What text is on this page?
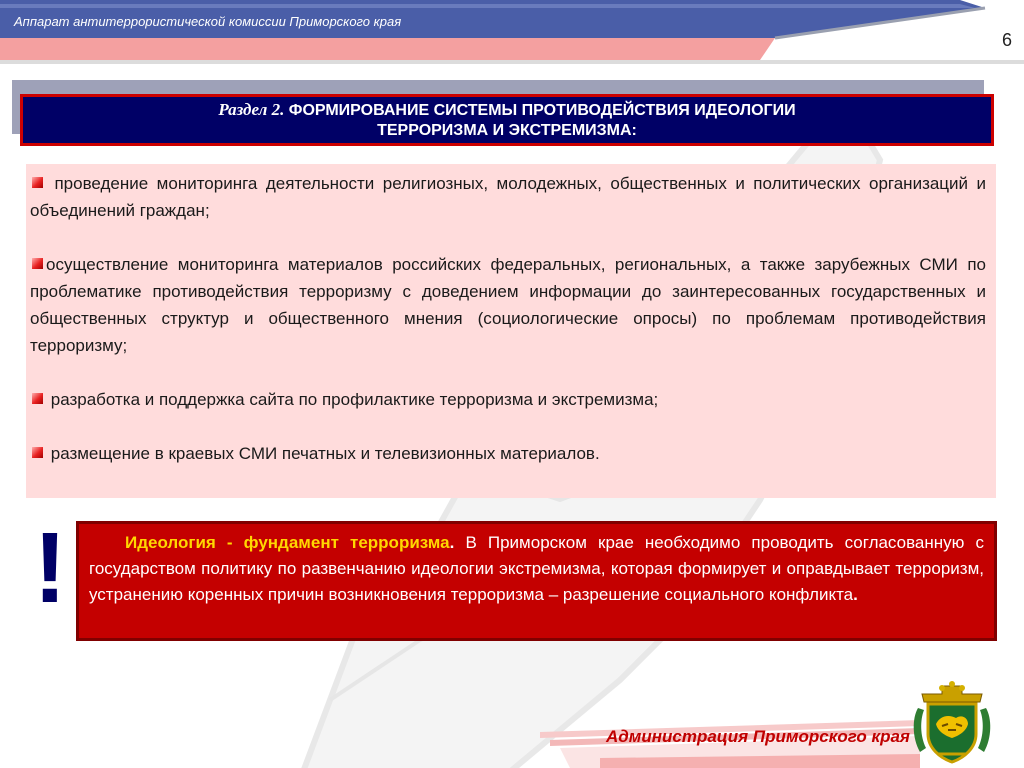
Аппарат антитеррористической комиссии Приморского края
6
Раздел 2. ФОРМИРОВАНИЕ СИСТЕМЫ ПРОТИВОДЕЙСТВИЯ ИДЕОЛОГИИ
ТЕРРОРИЗМА И ЭКСТРЕМИЗМА:
проведение мониторинга деятельности религиозных, молодежных, общественных и политических организаций и объединений граждан;
осуществление мониторинга материалов российских федеральных, региональных, а также зарубежных СМИ по проблематике противодействия терроризму с доведением информации до заинтересованных государственных и общественных структур и общественного мнения (социологические опросы) по проблемам противодействия терроризму;
разработка и поддержка сайта по профилактике терроризма и экстремизма;
размещение в краевых СМИ печатных и телевизионных материалов.
!	Идеология - фундамент терроризма. В Приморском крае необходимо проводить согласованную с государством политику по развенчанию идеологии экстремизма, которая формирует и оправдывает терроризм, устранению коренных причин возникновения терроризма – разрешение социального конфликта.
Администрация Приморского края
